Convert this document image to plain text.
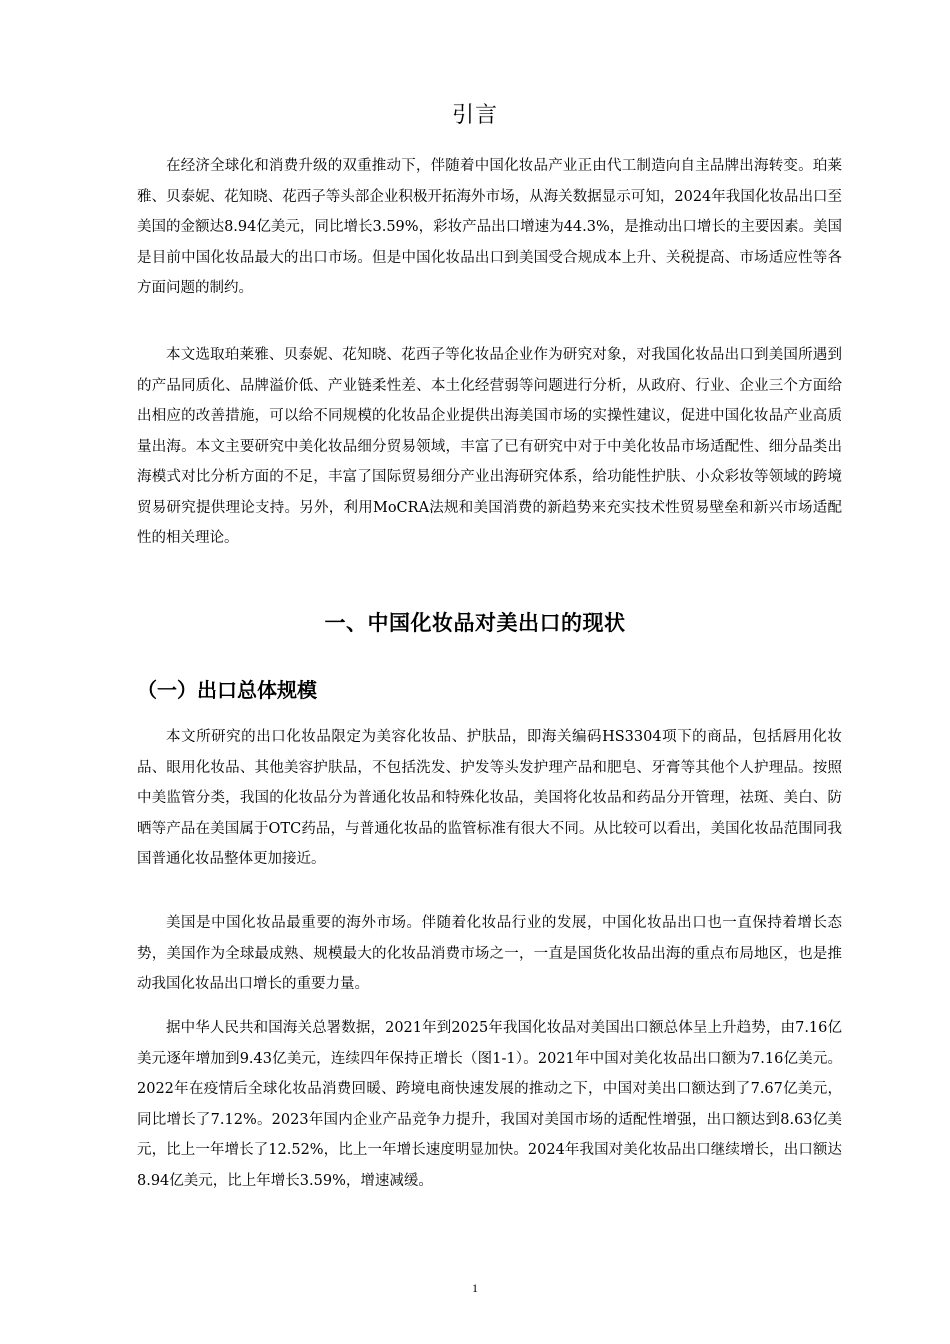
引言

在经济全球化和消费升级的双重推动下，伴随着中国化妆品产业正由代工制造向自主品牌出海转变。珀莱雅、贝泰妮、花知晓、花西子等头部企业积极开拓海外市场，从海关数据显示可知，2024年我国化妆品出口至美国的金额达8.94亿美元，同比增长3.59%，彩妆产品出口增速为44.3%，是推动出口增长的主要因素。美国是目前中国化妆品最大的出口市场。但是中国化妆品出口到美国受合规成本上升、关税提高、市场适应性等各方面问题的制约。

本文选取珀莱雅、贝泰妮、花知晓、花西子等化妆品企业作为研究对象，对我国化妆品出口到美国所遇到的产品同质化、品牌溢价低、产业链柔性差、本土化经营弱等问题进行分析，从政府、行业、企业三个方面给出相应的改善措施，可以给不同规模的化妆品企业提供出海美国市场的实操性建议，促进中国化妆品产业高质量出海。本文主要研究中美化妆品细分贸易领域，丰富了已有研究中对于中美化妆品市场适配性、细分品类出海模式对比分析方面的不足，丰富了国际贸易细分产业出海研究体系，给功能性护肤、小众彩妆等领域的跨境贸易研究提供理论支持。另外，利用MoCRA法规和美国消费的新趋势来充实技术性贸易壁垒和新兴市场适配性的相关理论。

一、中国化妆品对美出口的现状
（一）出口总体规模

本文所研究的出口化妆品限定为美容化妆品、护肤品，即海关编码HS3304项下的商品，包括唇用化妆品、眼用化妆品、其他美容护肤品，不包括洗发、护发等头发护理产品和肥皂、牙膏等其他个人护理品。按照中美监管分类，我国的化妆品分为普通化妆品和特殊化妆品，美国将化妆品和药品分开管理，祛斑、美白、防晒等产品在美国属于OTC药品，与普通化妆品的监管标准有很大不同。从比较可以看出，美国化妆品范围同我国普通化妆品整体更加接近。

美国是中国化妆品最重要的海外市场。伴随着化妆品行业的发展，中国化妆品出口也一直保持着增长态势，美国作为全球最成熟、规模最大的化妆品消费市场之一，一直是国货化妆品出海的重点布局地区，也是推动我国化妆品出口增长的重要力量。

据中华人民共和国海关总署数据，2021年到2025年我国化妆品对美国出口额总体呈上升趋势，由7.16亿美元逐年增加到9.43亿美元，连续四年保持正增长（图1-1）。2021年中国对美化妆品出口额为7.16亿美元。2022年在疫情后全球化妆品消费回暖、跨境电商快速发展的推动之下，中国对美出口额达到了7.67亿美元，同比增长了7.12%。2023年国内企业产品竞争力提升，我国对美国市场的适配性增强，出口额达到8.63亿美元，比上一年增长了12.52%，比上一年增长速度明显加快。2024年我国对美化妆品出口继续增长，出口额达8.94亿美元，比上年增长3.59%，增速减缓。

1
